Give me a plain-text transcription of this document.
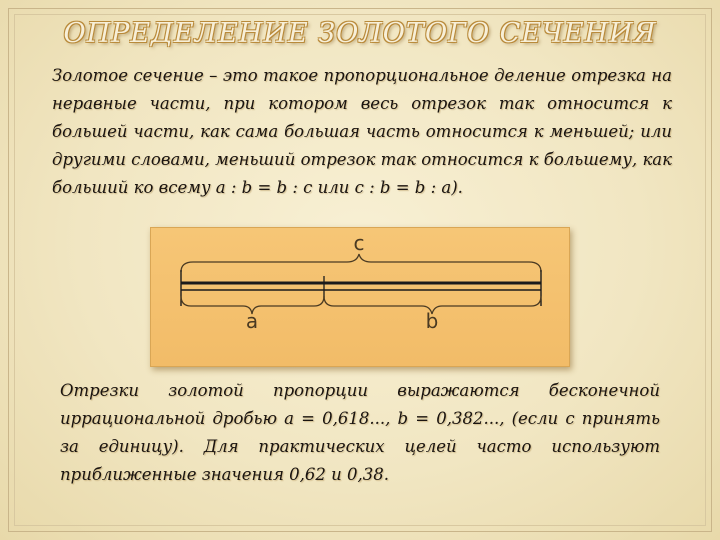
ОПРЕДЕЛЕНИЕ ЗОЛОТОГО СЕЧЕНИЯ

Золотое сечение – это такое пропорциональное деление отрезка на неравные части, при котором весь отрезок так относится к большей части, как сама большая часть относится к меньшей; или другими словами, меньший отрезок так относится к большему, как больший ко всему a : b = b : c или c : b = b : a).

c
a	b

Отрезки золотой пропорции выражаются бесконечной иррациональной дробью a = 0,618..., b = 0,382..., (если c принять за единицу). Для практических целей часто используют приближенные значения 0,62 и 0,38.
